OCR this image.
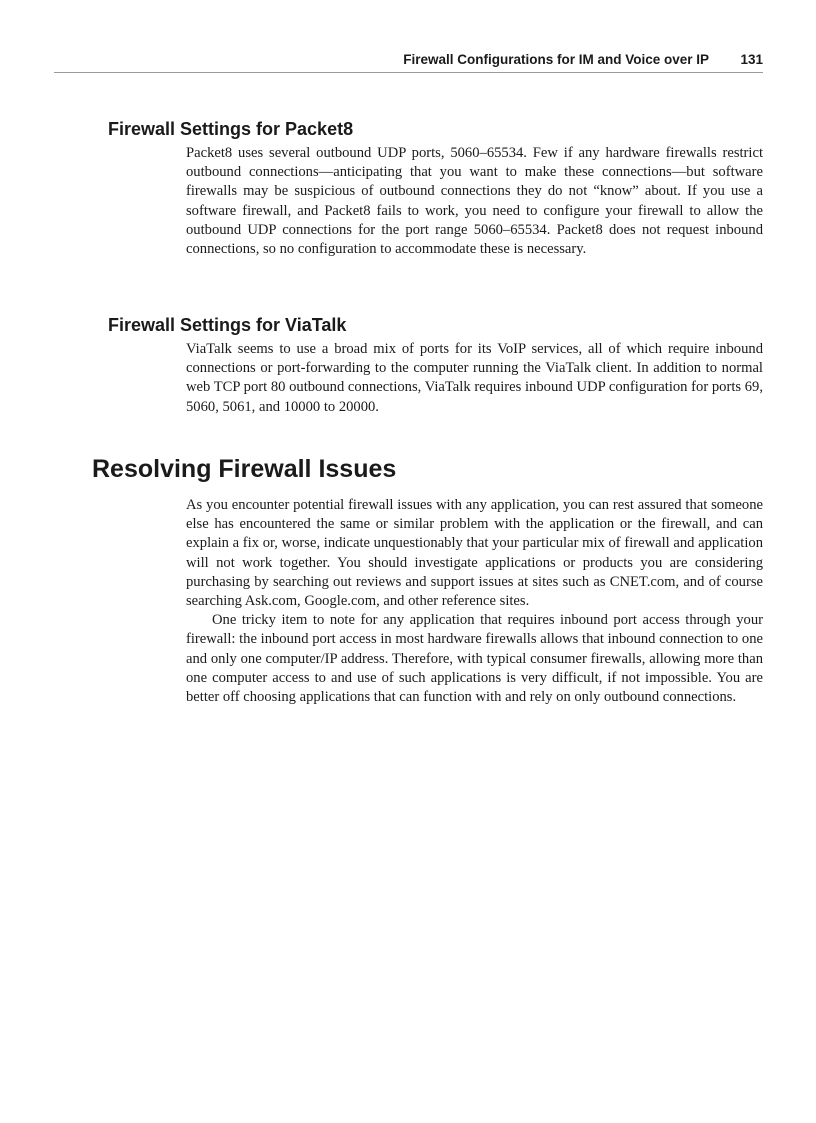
Firewall Configurations for IM and Voice over IP 131
Firewall Settings for Packet8

Packet8 uses several outbound UDP ports, 5060–65534. Few if any hardware firewalls restrict outbound connections—anticipating that you want to make these connections—but software firewalls may be suspicious of outbound connections they do not “know” about. If you use a software firewall, and Packet8 fails to work, you need to configure your firewall to allow the outbound UDP connections for the port range 5060–65534. Packet8 does not request inbound connections, so no configuration to accommodate these is necessary.

Firewall Settings for ViaTalk

ViaTalk seems to use a broad mix of ports for its VoIP services, all of which require inbound connections or port-forwarding to the computer running the ViaTalk client. In addition to normal web TCP port 80 outbound connections, ViaTalk requires inbound UDP configuration for ports 69, 5060, 5061, and 10000 to 20000.

Resolving Firewall Issues

As you encounter potential firewall issues with any application, you can rest assured that someone else has encountered the same or similar problem with the application or the firewall, and can explain a fix or, worse, indicate unquestionably that your particular mix of firewall and application will not work together. You should investigate applications or products you are considering purchasing by searching out reviews and support issues at sites such as CNET.com, and of course searching Ask.com, Google.com, and other reference sites.

One tricky item to note for any application that requires inbound port access through your firewall: the inbound port access in most hardware firewalls allows that inbound connection to one and only one computer/IP address. Therefore, with typical consumer firewalls, allowing more than one computer access to and use of such applications is very difficult, if not impossible. You are better off choosing applications that can function with and rely on only outbound connections.
